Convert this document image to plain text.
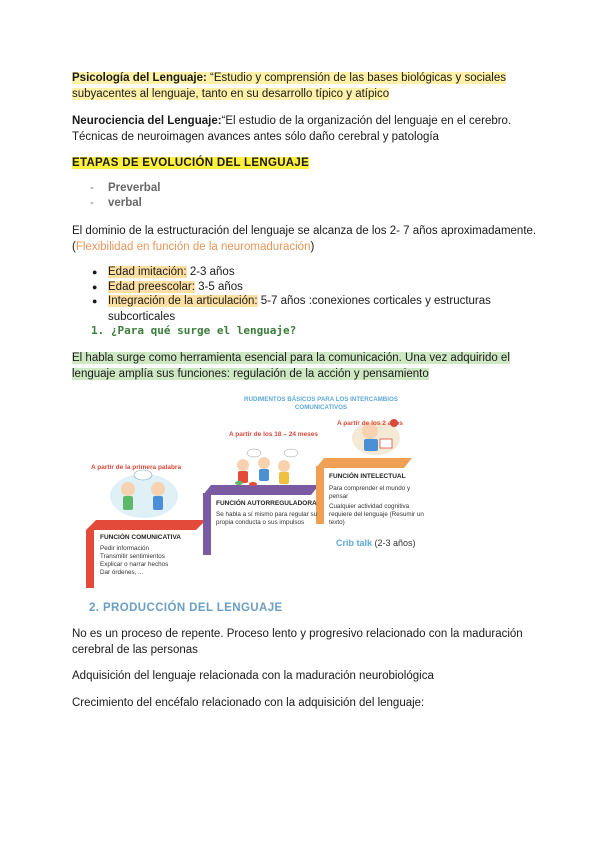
Psicología del Lenguaje: “Estudio y comprensión de las bases biológicas y sociales
subyacentes al lenguaje, tanto en su desarrollo típico y atípico
Neurociencia del Lenguaje:“El estudio de la organización del lenguaje en el cerebro.
Técnicas de neuroimagen avances antes sólo daño cerebral y patología
ETAPAS DE EVOLUCIÓN DEL LENGUAJE
- Preverbal
- verbal
El dominio de la estructuración del lenguaje se alcanza de los 2- 7 años aproximadamente.
(Flexibilidad en función de la neuromaduración)
● Edad imitación: 2-3 años
● Edad preescolar: 3-5 años
● Integración de la articulación: 5-7 años :conexiones corticales y estructuras
subcorticales
1. ¿Para qué surge el lenguaje?
El habla surge como herramienta esencial para la comunicación. Una vez adquirido el
lenguaje amplía sus funciones: regulación de la acción y pensamiento
A partir de la primera palabra
A partir de los 18 – 24 meses
A partir de los 2 años
RUDIMENTOS BÁSICOS PARA LOS INTERCAMBIOS
COMUNICATIVOS
FUNCIÓN COMUNICATIVA
Pedir información
Transmitir sentimientos
Explicar o narrar hechos
Dar órdenes, ...
FUNCIÓN AUTORREGULADORA
Se habla a sí mismo para regular su
propia conducta o sus impulsos
FUNCIÓN INTELECTUAL
Para comprender el mundo y
pensar
Cualquier actividad cognitiva
requiere del lenguaje (Resumir un
texto)
Crib talk (2-3 años)
2. PRODUCCIÓN DEL LENGUAJE
No es un proceso de repente. Proceso lento y progresivo relacionado con la maduración
cerebral de las personas
Adquisición del lenguaje relacionada con la maduración neurobiológica
Crecimiento del encéfalo relacionado con la adquisición del lenguaje:
